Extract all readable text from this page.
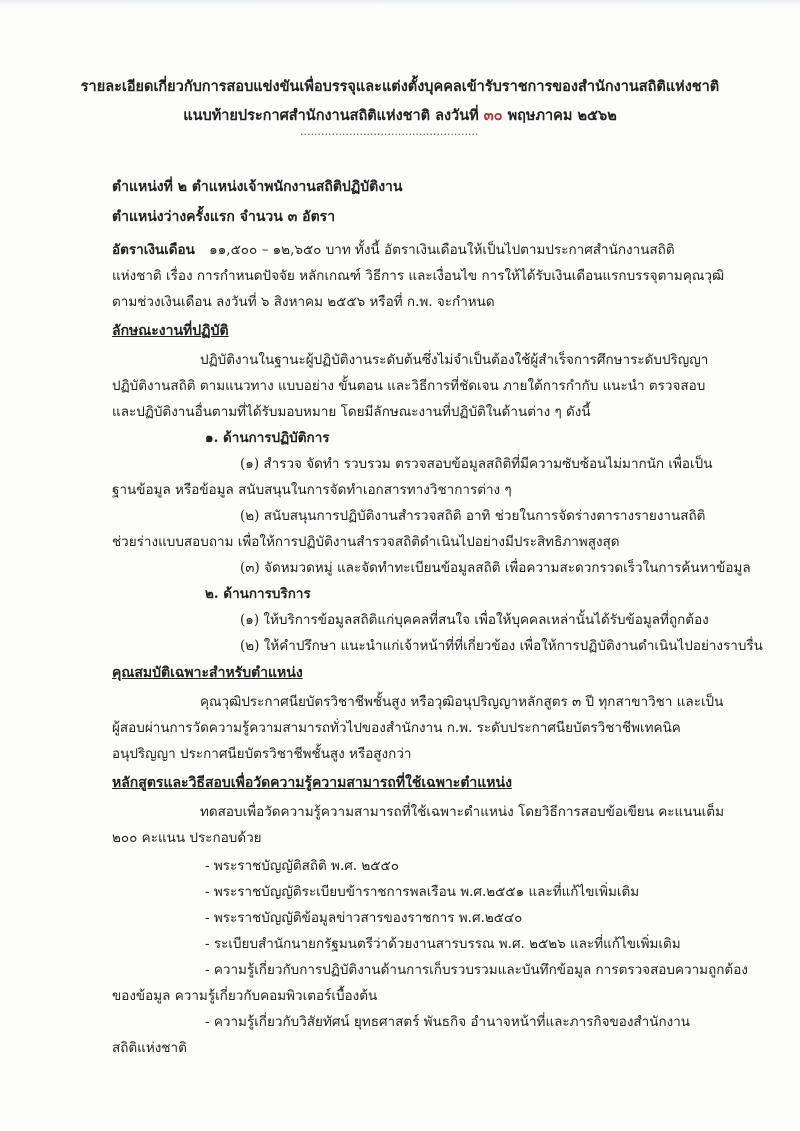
รายละเอียดเกี่ยวกับการสอบแข่งขันเพื่อบรรจุและแต่งตั้งบุคคลเข้ารับราชการของสำนักงานสถิติแห่งชาติ
แนบท้ายประกาศสำนักงานสถิติแห่งชาติ ลงวันที่ ๓๐ พฤษภาคม ๒๕๖๒
...................................................
ตำแหน่งที่ ๒ ตำแหน่งเจ้าพนักงานสถิติปฏิบัติงาน
ตำแหน่งว่างครั้งแรก จำนวน ๓ อัตรา
อัตราเงินเดือน ๑๑,๕๐๐ – ๑๒,๖๕๐ บาท ทั้งนี้ อัตราเงินเดือนให้เป็นไปตามประกาศสำนักงานสถิติ
แห่งชาติ เรื่อง การกำหนดปัจจัย หลักเกณฑ์ วิธีการ และเงื่อนไข การให้ได้รับเงินเดือนแรกบรรจุตามคุณวุฒิ
ตามช่วงเงินเดือน ลงวันที่ ๖ สิงหาคม ๒๕๕๖ หรือที่ ก.พ. จะกำหนด
ลักษณะงานที่ปฏิบัติ
ปฏิบัติงานในฐานะผู้ปฏิบัติงานระดับต้นซึ่งไม่จำเป็นต้องใช้ผู้สำเร็จการศึกษาระดับปริญญา
ปฏิบัติงานสถิติ ตามแนวทาง แบบอย่าง ขั้นตอน และวิธีการที่ชัดเจน ภายใต้การกำกับ แนะนำ ตรวจสอบ
และปฏิบัติงานอื่นตามที่ได้รับมอบหมาย โดยมีลักษณะงานที่ปฏิบัติในด้านต่าง ๆ ดังนี้
๑. ด้านการปฏิบัติการ
(๑) สำรวจ จัดทำ รวบรวม ตรวจสอบข้อมูลสถิติที่มีความซับซ้อนไม่มากนัก เพื่อเป็น
ฐานข้อมูล หรือข้อมูล สนับสนุนในการจัดทำเอกสารทางวิชาการต่าง ๆ
(๒) สนับสนุนการปฏิบัติงานสำรวจสถิติ อาทิ ช่วยในการจัดร่างตารางรายงานสถิติ
ช่วยร่างแบบสอบถาม เพื่อให้การปฏิบัติงานสำรวจสถิติดำเนินไปอย่างมีประสิทธิภาพสูงสุด
(๓) จัดหมวดหมู่ และจัดทำทะเบียนข้อมูลสถิติ เพื่อความสะดวกรวดเร็วในการค้นหาข้อมูล
๒. ด้านการบริการ
(๑) ให้บริการข้อมูลสถิติแก่บุคคลที่สนใจ เพื่อให้บุคคลเหล่านั้นได้รับข้อมูลที่ถูกต้อง
(๒) ให้คำปรึกษา แนะนำแก่เจ้าหน้าที่ที่เกี่ยวข้อง เพื่อให้การปฏิบัติงานดำเนินไปอย่างราบรื่น
คุณสมบัติเฉพาะสำหรับตำแหน่ง
คุณวุฒิประกาศนียบัตรวิชาชีพชั้นสูง หรือวุฒิอนุปริญญาหลักสูตร ๓ ปี ทุกสาขาวิชา และเป็น
ผู้สอบผ่านการวัดความรู้ความสามารถทั่วไปของสำนักงาน ก.พ. ระดับประกาศนียบัตรวิชาชีพเทคนิค
อนุปริญญา ประกาศนียบัตรวิชาชีพชั้นสูง หรือสูงกว่า
หลักสูตรและวิธีสอบเพื่อวัดความรู้ความสามารถที่ใช้เฉพาะตำแหน่ง
ทดสอบเพื่อวัดความรู้ความสามารถที่ใช้เฉพาะตำแหน่ง โดยวิธีการสอบข้อเขียน คะแนนเต็ม
๒๐๐ คะแนน ประกอบด้วย
- พระราชบัญญัติสถิติ พ.ศ. ๒๕๕๐
- พระราชบัญญัติระเบียบข้าราชการพลเรือน พ.ศ.๒๕๕๑ และที่แก้ไขเพิ่มเติม
- พระราชบัญญัติข้อมูลข่าวสารของราชการ พ.ศ.๒๕๔๐
- ระเบียบสำนักนายกรัฐมนตรีว่าด้วยงานสารบรรณ พ.ศ. ๒๕๒๖ และที่แก้ไขเพิ่มเติม
- ความรู้เกี่ยวกับการปฏิบัติงานด้านการเก็บรวบรวมและบันทึกข้อมูล การตรวจสอบความถูกต้อง
ของข้อมูล ความรู้เกี่ยวกับคอมพิวเตอร์เบื้องต้น
- ความรู้เกี่ยวกับวิสัยทัศน์ ยุทธศาสตร์ พันธกิจ อำนาจหน้าที่และภารกิจของสำนักงาน
สถิติแห่งชาติ
